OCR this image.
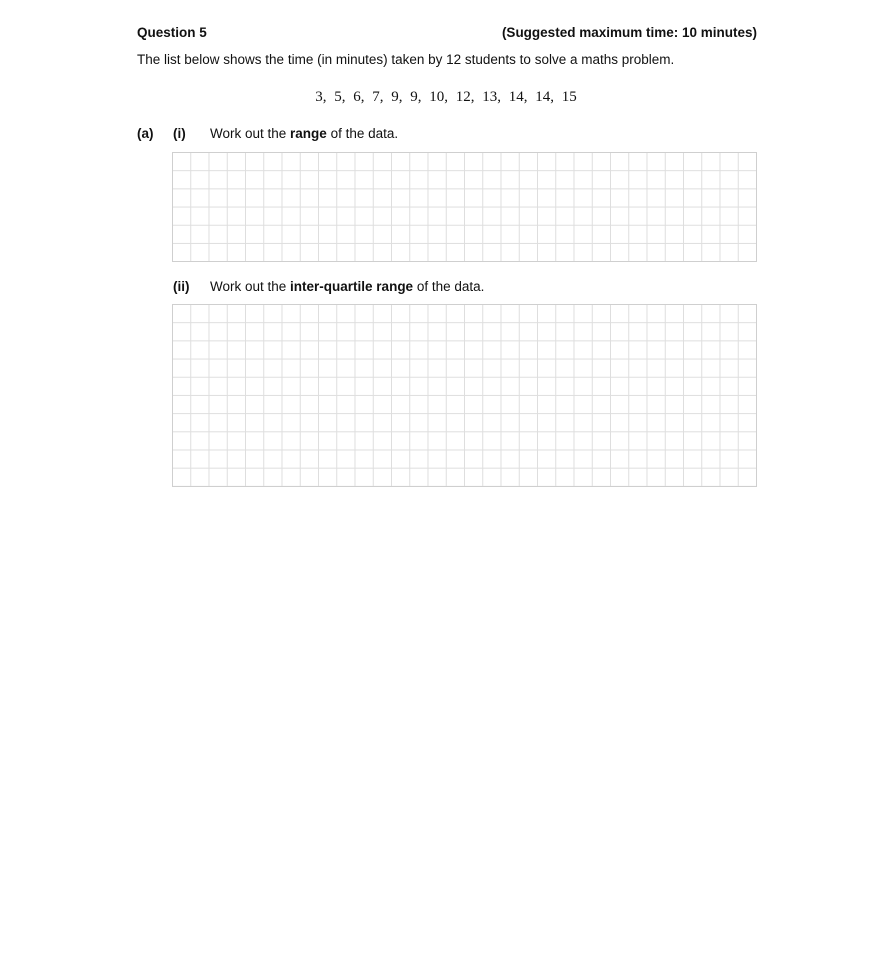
Question 5	(Suggested maximum time: 10 minutes)
The list below shows the time (in minutes) taken by 12 students to solve a maths problem.
3, 5, 6, 7, 9, 9, 10, 12, 13, 14, 14, 15
(a) (i) Work out the range of the data.
(ii) Work out the inter-quartile range of the data.
